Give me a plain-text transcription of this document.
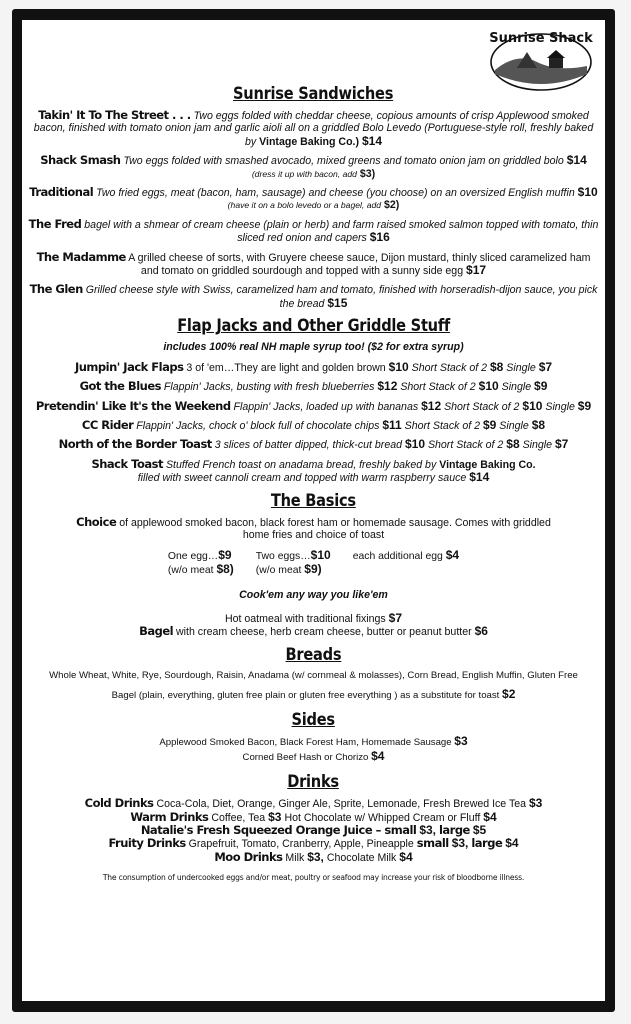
Sunrise Shack
Sunrise Sandwiches
Takin' It To The Street . . . Two eggs folded with cheddar cheese, copious amounts of crisp Applewood smoked bacon, finished with tomato onion jam and garlic aioli all on a griddled Bolo Levedo (Portuguese-style roll, freshly baked by Vintage Baking Co.) $14
Shack Smash Two eggs folded with smashed avocado, mixed greens and tomato onion jam on griddled bolo $14 (dress it up with bacon, add $3)
Traditional Two fried eggs, meat (bacon, ham, sausage) and cheese (you choose) on an oversized English muffin $10
(have it on a bolo levedo or a bagel, add $2)
The Fred bagel with a shmear of cream cheese (plain or herb) and farm raised smoked salmon topped with tomato, thin sliced red onion and capers $16
The Madamme A grilled cheese of sorts, with Gruyere cheese sauce, Dijon mustard, thinly sliced caramelized ham and tomato on griddled sourdough and topped with a sunny side egg $17
The Glen Grilled cheese style with Swiss, caramelized ham and tomato, finished with horseradish-dijon sauce, you pick the bread $15
Flap Jacks and Other Griddle Stuff
includes 100% real NH maple syrup too! ($2 for extra syrup)
Jumpin' Jack Flaps 3 of 'em…They are light and golden brown $10 Short Stack of 2 $8 Single $7
Got the Blues Flappin' Jacks, busting with fresh blueberries $12 Short Stack of 2 $10 Single $9
Pretendin' Like It's the Weekend Flappin' Jacks, loaded up with bananas $12 Short Stack of 2 $10 Single $9
CC Rider Flappin' Jacks, chock o' block full of chocolate chips $11 Short Stack of 2 $9 Single $8
North of the Border Toast 3 slices of batter dipped, thick-cut bread $10 Short Stack of 2 $8 Single $7
Shack Toast Stuffed French toast on anadama bread, freshly baked by Vintage Baking Co.
filled with sweet cannoli cream and topped with warm raspberry sauce $14
The Basics
Choice of applewood smoked bacon, black forest ham or homemade sausage. Comes with griddled home fries and choice of toast
One egg…$9
(w/o meat $8)
Two eggs…$10
(w/o meat $9)
each additional egg $4
Cook'em any way you like'em
Hot oatmeal with traditional fixings $7
Bagel with cream cheese, herb cream cheese, butter or peanut butter $6
Breads
Whole Wheat, White, Rye, Sourdough, Raisin, Anadama (w/ cornmeal & molasses), Corn Bread, English Muffin, Gluten Free
Bagel (plain, everything, gluten free plain or gluten free everything ) as a substitute for toast $2
Sides
Applewood Smoked Bacon, Black Forest Ham, Homemade Sausage $3
Corned Beef Hash or Chorizo $4
Drinks
Cold Drinks Coca-Cola, Diet, Orange, Ginger Ale, Sprite, Lemonade, Fresh Brewed Ice Tea $3
Warm Drinks Coffee, Tea $3 Hot Chocolate w/ Whipped Cream or Fluff $4
Natalie's Fresh Squeezed Orange Juice – small $3, large $5
Fruity Drinks Grapefruit, Tomato, Cranberry, Apple, Pineapple small $3, large $4
Moo Drinks Milk $3, Chocolate Milk $4
The consumption of undercooked eggs and/or meat, poultry or seafood may increase your risk of bloodborne illness.
